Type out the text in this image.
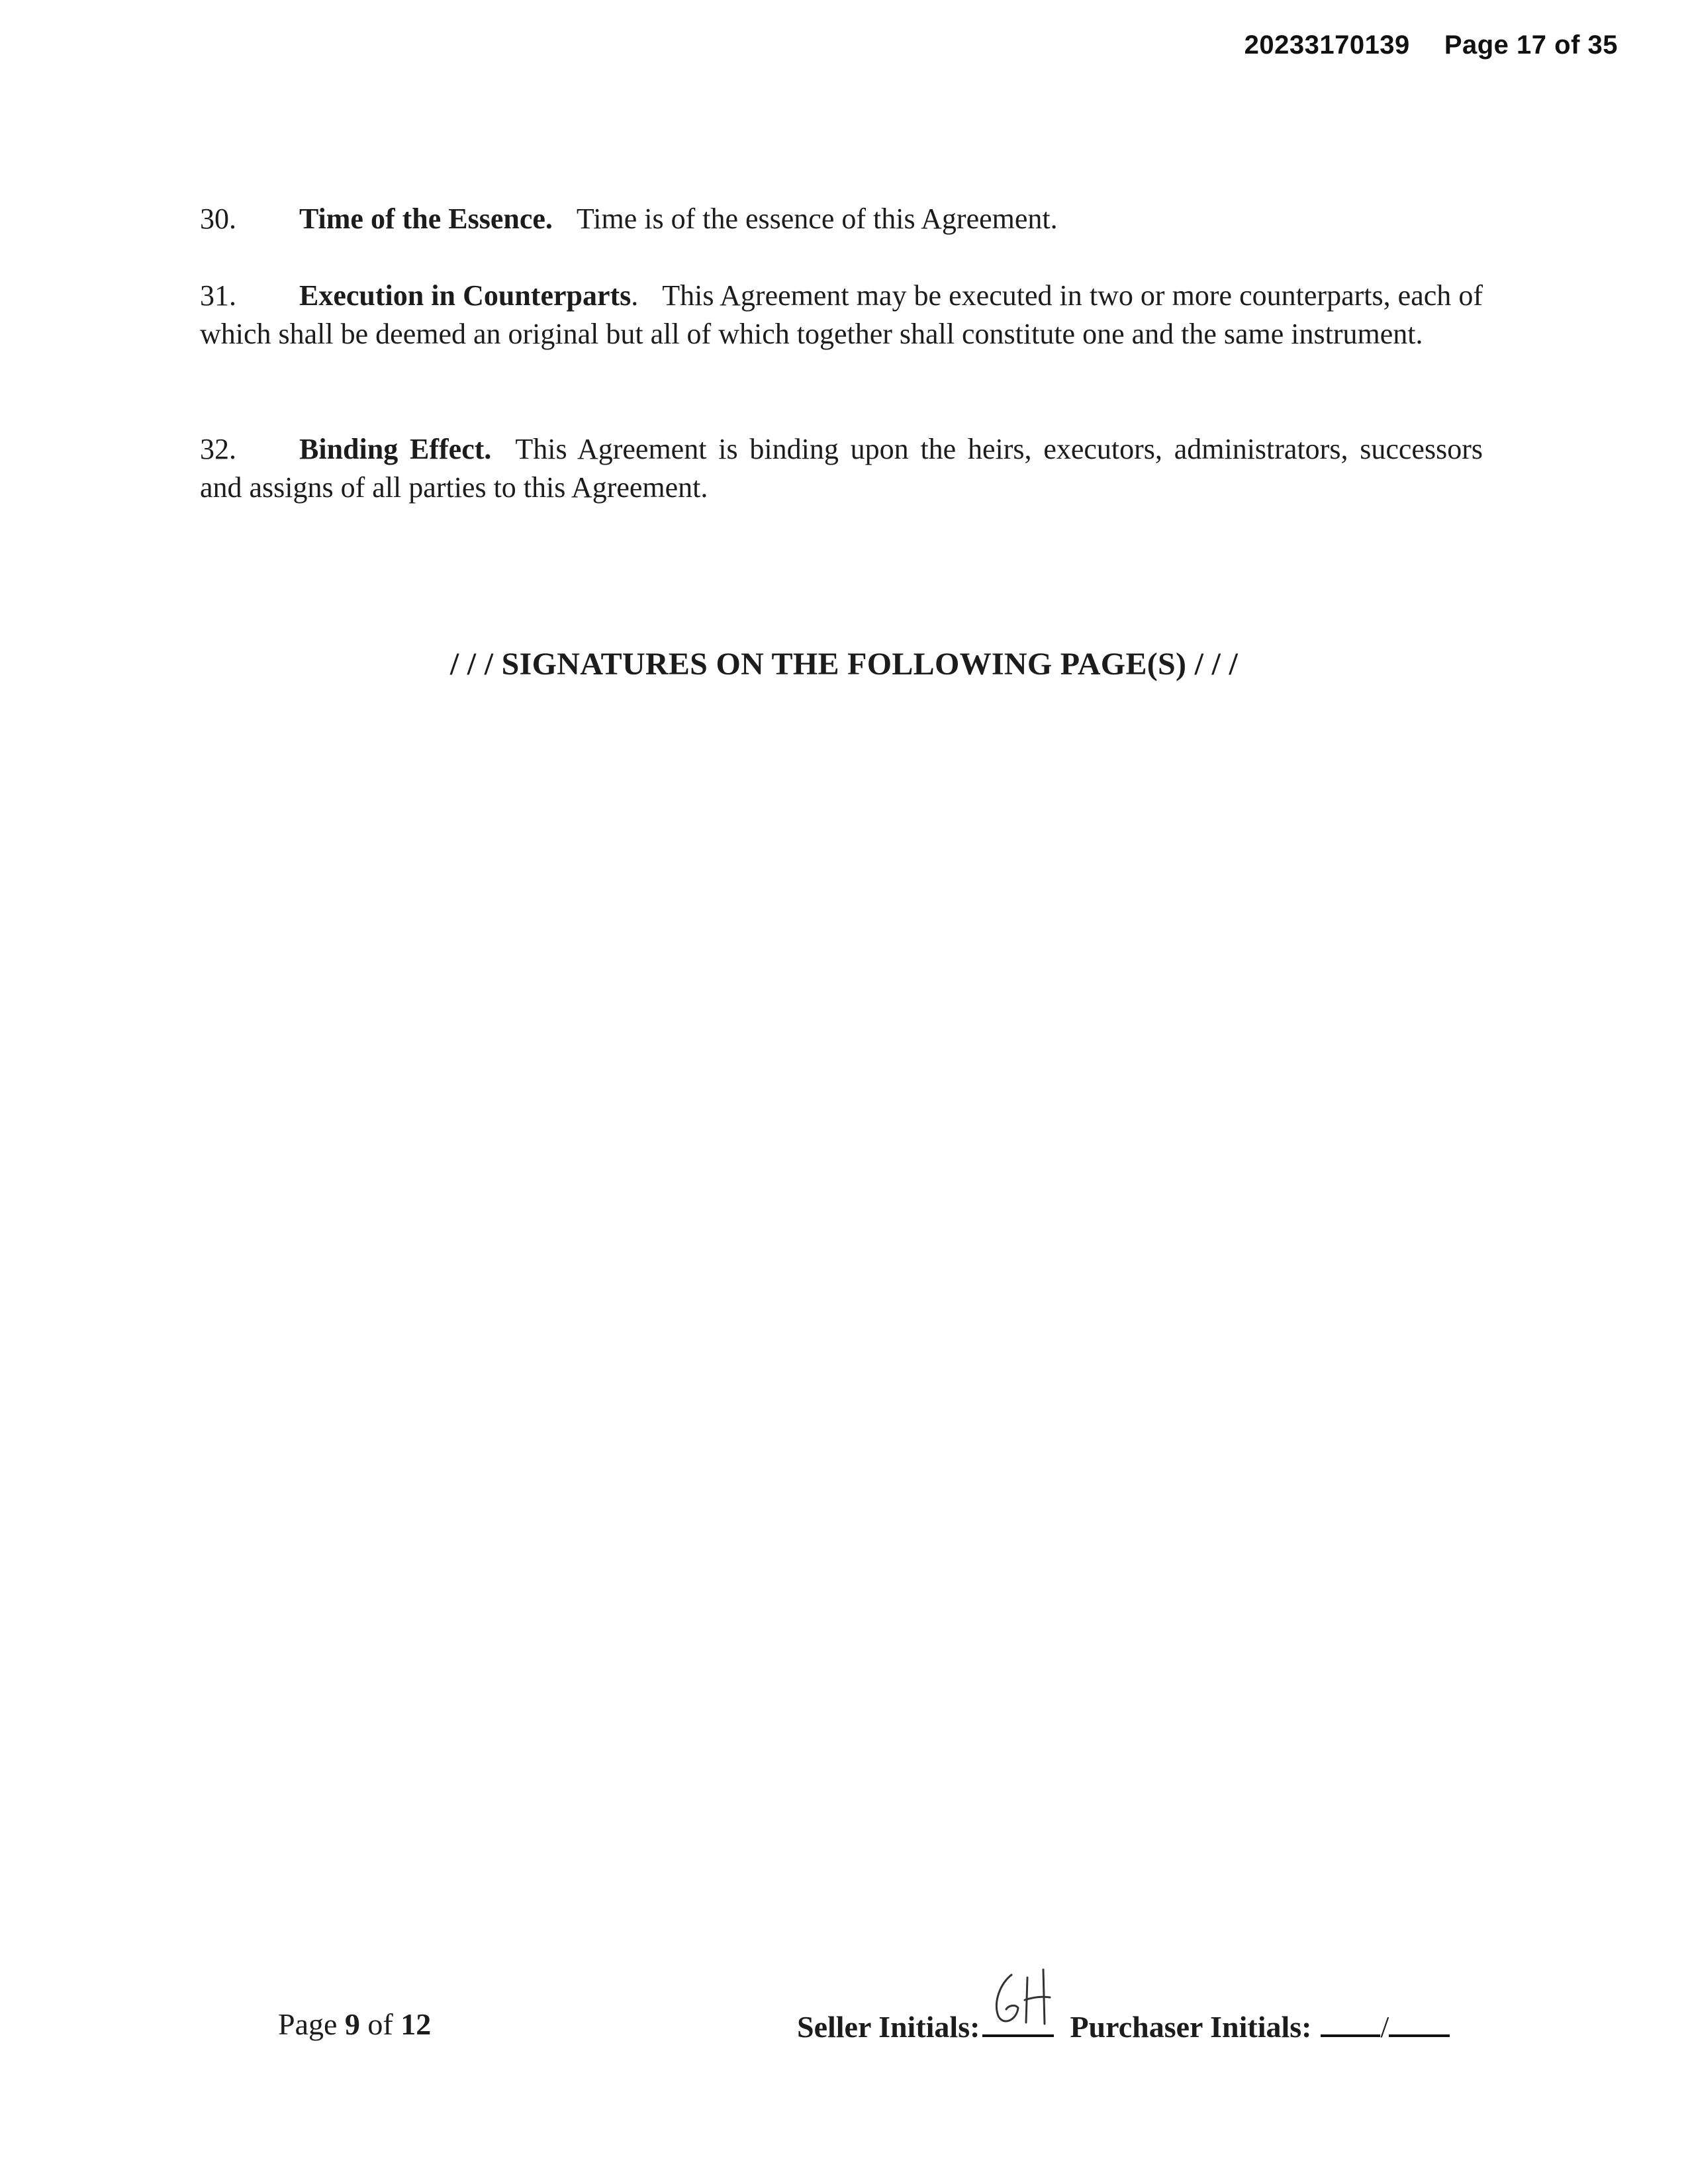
20233170139 Page 17 of 35
30. Time of the Essence. Time is of the essence of this Agreement.
31. Execution in Counterparts. This Agreement may be executed in two or more counterparts, each of which shall be deemed an original but all of which together shall constitute one and the same instrument.
32. Binding Effect. This Agreement is binding upon the heirs, executors, administrators, successors and assigns of all parties to this Agreement.
/ / / SIGNATURES ON THE FOLLOWING PAGE(S) / / /
Page 9 of 12	Seller Initials:	Purchaser Initials: /
